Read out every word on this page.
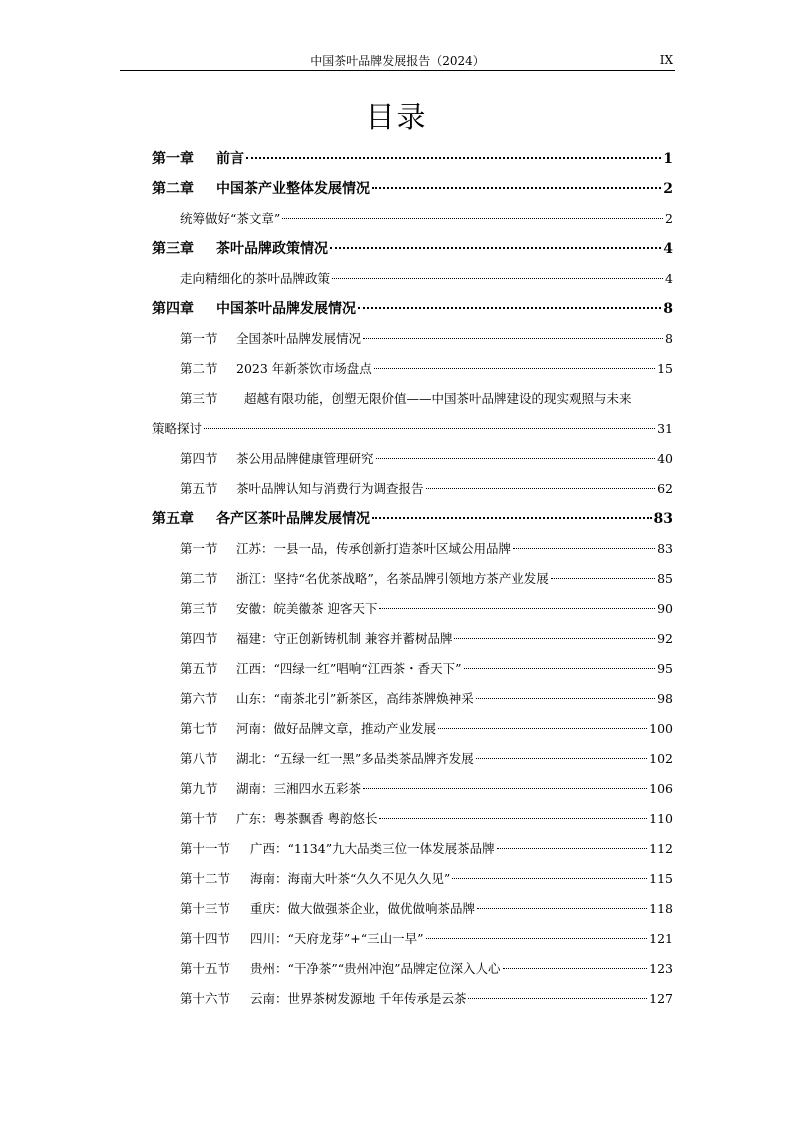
中国茶叶品牌发展报告（2024）	IX
目录
第一章	前言	1
第二章	中国茶产业整体发展情况	2
统筹做好“茶文章”	2
第三章	茶叶品牌政策情况	4
走向精细化的茶叶品牌政策	4
第四章	中国茶叶品牌发展情况	8
第一节	全国茶叶品牌发展情况	8
第二节	2023 年新茶饮市场盘点	15
第三节 超越有限功能，创塑无限价值——中国茶叶品牌建设的现实观照与未来
策略探讨	31
第四节	茶公用品牌健康管理研究	40
第五节	茶叶品牌认知与消费行为调查报告	62
第五章	各产区茶叶品牌发展情况	83
第一节	江苏：一县一品，传承创新打造茶叶区域公用品牌	83
第二节	浙江：坚持“名优茶战略”，名茶品牌引领地方茶产业发展	85
第三节	安徽：皖美徽茶 迎客天下	90
第四节	福建：守正创新铸机制 兼容并蓄树品牌	92
第五节	江西：“四绿一红”唱响“江西茶・香天下”	95
第六节	山东：“南茶北引”新茶区，高纬茶牌焕神采	98
第七节	河南：做好品牌文章，推动产业发展	100
第八节	湖北：“五绿一红一黑”多品类茶品牌齐发展	102
第九节	湖南：三湘四水五彩茶	106
第十节	广东：粤茶飘香 粤韵悠长	110
第十一节	广西：“1134”九大品类三位一体发展茶品牌	112
第十二节	海南：海南大叶茶“久久不见久久见”	115
第十三节	重庆：做大做强茶企业，做优做响茶品牌	118
第十四节	四川：“天府龙芽”+“三山一早”	121
第十五节	贵州：“干净茶”“贵州冲泡”品牌定位深入人心	123
第十六节	云南：世界茶树发源地 千年传承是云茶	127
